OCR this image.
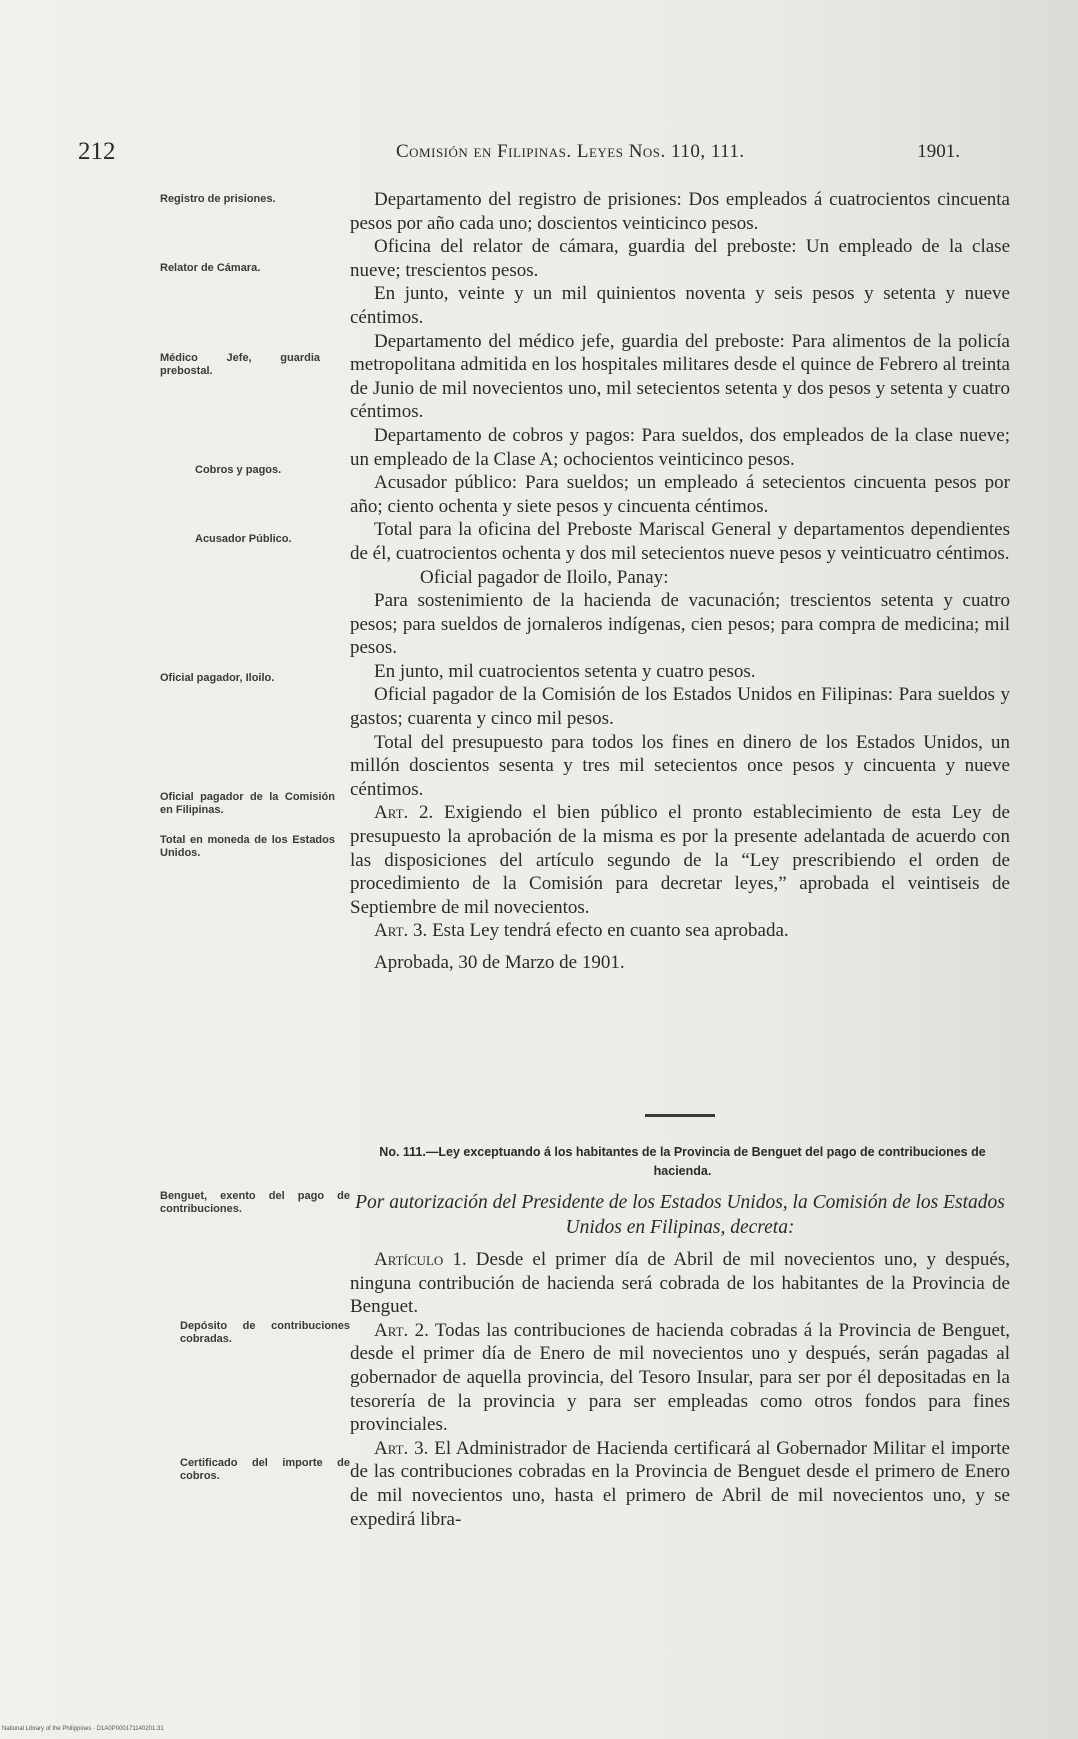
212	Comisión en Filipinas. Leyes Nos. 110, 111.	1901.
Registro de prisiones.
Relator de Cámara.
Médico Jefe, guardia prebostal.
Cobros y pagos.
Acusador Público.
Oficial pagador, Iloilo.
Oficial pagador de la Comisión en Filipinas.
Total en moneda de los Estados Unidos.
Benguet, exento del pago de contribuciones.
Depósito de contribuciones cobradas.
Certificado del importe de cobros.

Departamento del registro de prisiones: Dos empleados á cuatrocientos cincuenta pesos por año cada uno; doscientos veinticinco pesos.

Oficina del relator de cámara, guardia del preboste: Un empleado de la clase nueve; trescientos pesos.

En junto, veinte y un mil quinientos noventa y seis pesos y setenta y nueve céntimos.

Departamento del médico jefe, guardia del preboste: Para alimentos de la policía metropolitana admitida en los hospitales militares desde el quince de Febrero al treinta de Junio de mil novecientos uno, mil setecientos setenta y dos pesos y setenta y cuatro céntimos.

Departamento de cobros y pagos: Para sueldos, dos empleados de la clase nueve; un empleado de la Clase A; ochocientos veinticinco pesos.

Acusador público: Para sueldos; un empleado á setecientos cincuenta pesos por año; ciento ochenta y siete pesos y cincuenta céntimos.

Total para la oficina del Preboste Mariscal General y departamentos dependientes de él, cuatrocientos ochenta y dos mil setecientos nueve pesos y veinticuatro céntimos.

Oficial pagador de Iloilo, Panay:

Para sostenimiento de la hacienda de vacunación; trescientos setenta y cuatro pesos; para sueldos de jornaleros indígenas, cien pesos; para compra de medicina; mil pesos.

En junto, mil cuatrocientos setenta y cuatro pesos.

Oficial pagador de la Comisión de los Estados Unidos en Filipinas: Para sueldos y gastos; cuarenta y cinco mil pesos.

Total del presupuesto para todos los fines en dinero de los Estados Unidos, un millón doscientos sesenta y tres mil setecientos once pesos y cincuenta y nueve céntimos.

Art. 2. Exigiendo el bien público el pronto establecimiento de esta Ley de presupuesto la aprobación de la misma es por la presente adelantada de acuerdo con las disposiciones del artículo segundo de la “Ley prescribiendo el orden de procedimiento de la Comisión para decretar leyes,” aprobada el veintiseis de Septiembre de mil novecientos.

Art. 3. Esta Ley tendrá efecto en cuanto sea aprobada.

Aprobada, 30 de Marzo de 1901.

No. 111.—Ley exceptuando á los habitantes de la Provincia de Benguet del pago de contribuciones de hacienda.
Por autorización del Presidente de los Estados Unidos, la Comisión de los Estados Unidos en Filipinas, decreta:

Artículo 1. Desde el primer día de Abril de mil novecientos uno, y después, ninguna contribución de hacienda será cobrada de los habitantes de la Provincia de Benguet.

Art. 2. Todas las contribuciones de hacienda cobradas á la Provincia de Benguet, desde el primer día de Enero de mil novecientos uno y después, serán pagadas al gobernador de aquella provincia, del Tesoro Insular, para ser por él depositadas en la tesorería de la provincia y para ser empleadas como otros fondos para fines provinciales.

Art. 3. El Administrador de Hacienda certificará al Gobernador Militar el importe de las contribuciones cobradas en la Provincia de Benguet desde el primero de Enero de mil novecientos uno, hasta el primero de Abril de mil novecientos uno, y se expedirá libra-

National Library of the Philippines · D1A0P000171140201.31
